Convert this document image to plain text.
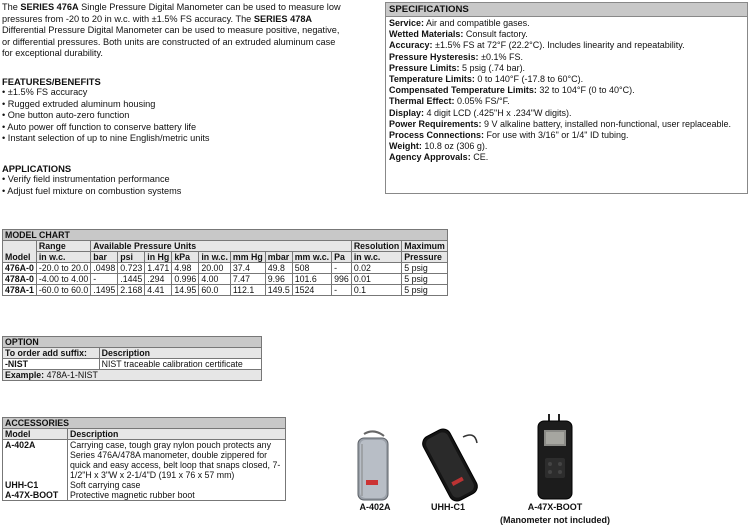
The SERIES 476A Single Pressure Digital Manometer can be used to measure low pressures from -20 to 20 in w.c. with ±1.5% FS accuracy. The SERIES 478A Differential Pressure Digital Manometer can be used to measure positive, negative, or differential pressures. Both units are constructed of an extruded aluminum case for exceptional durability.
FEATURES/BENEFITS
• ±1.5% FS accuracy
• Rugged extruded aluminum housing
• One button auto-zero function
• Auto power off function to conserve battery life
• Instant selection of up to nine English/metric units
APPLICATIONS
• Verify field instrumentation performance
• Adjust fuel mixture on combustion systems
SPECIFICATIONS
Service: Air and compatible gases.
Wetted Materials: Consult factory.
Accuracy: ±1.5% FS at 72°F (22.2°C). Includes linearity and repeatability.
Pressure Hysteresis: ±0.1% FS.
Pressure Limits: 5 psig (.74 bar).
Temperature Limits: 0 to 140°F (-17.8 to 60°C).
Compensated Temperature Limits: 32 to 104°F (0 to 40°C).
Thermal Effect: 0.05% FS/°F.
Display: 4 digit LCD (.425"H x .234"W digits).
Power Requirements: 9 V alkaline battery, installed non-functional, user replaceable.
Process Connections: For use with 3/16" or 1/4" ID tubing.
Weight: 10.8 oz (306 g).
Agency Approvals: CE.
MODEL CHART												
Model	Range	Available Pressure Units									Resolution	Maximum
	in w.c.	bar	psi	in Hg	kPa	in w.c.	mm Hg	mbar	mm w.c.	Pa	in w.c.	Pressure
476A-0	-20.0 to 20.0	.0498	0.723	1.471	4.98	20.00	37.4	49.8	508	-	0.02	5 psig
478A-0	-4.00 to 4.00	-	.1445	.294	0.996	4.00	7.47	9.96	101.6	996	0.01	5 psig
478A-1	-60.0 to 60.0	.1495	2.168	4.41	14.95	60.0	112.1	149.5	1524	-	0.1	5 psig
OPTION	
To order add suffix:	Description
-NIST	NIST traceable calibration certificate
Example: 478A-1-NIST	
ACCESSORIES	
Model	Description
A-402A	Carrying case, tough gray nylon pouch protects any Series 476A/478A manometer, double zippered for quick and easy access, belt loop that snaps closed, 7-1/2"H x 3"W x 2-1/4"D (191 x 76 x 57 mm)
UHH-C1	Soft carrying case
A-47X-BOOT	Protective magnetic rubber boot
A-402A	UHH-C1	A-47X-BOOT
(Manometer not included)
